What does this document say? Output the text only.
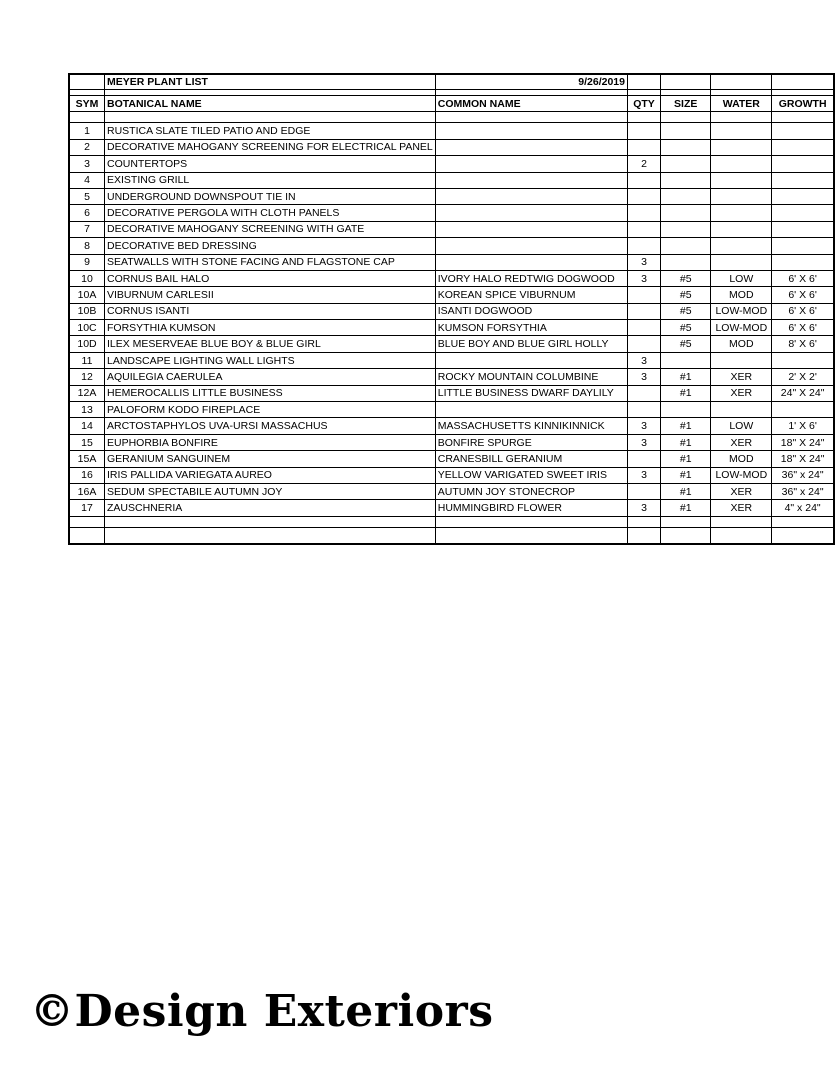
	MEYER PLANT LIST	9/26/2019				

SYM	BOTANICAL NAME	COMMON NAME	QTY	SIZE	WATER	GROWTH

1	RUSTICA SLATE TILED PATIO AND EDGE					
2	DECORATIVE MAHOGANY SCREENING FOR ELECTRICAL PANEL					
3	COUNTERTOPS		2			
4	EXISTING GRILL					
5	UNDERGROUND DOWNSPOUT TIE IN					
6	DECORATIVE PERGOLA WITH CLOTH PANELS					
7	DECORATIVE MAHOGANY SCREENING WITH GATE					
8	DECORATIVE BED DRESSING					
9	SEATWALLS WITH STONE FACING AND FLAGSTONE CAP		3			
10	CORNUS BAIL HALO	IVORY HALO REDTWIG DOGWOOD	3	#5	LOW	6' X 6'
10A	VIBURNUM CARLESII	KOREAN SPICE VIBURNUM		#5	MOD	6' X 6'
10B	CORNUS ISANTI	ISANTI DOGWOOD		#5	LOW-MOD	6' X 6'
10C	FORSYTHIA KUMSON	KUMSON FORSYTHIA		#5	LOW-MOD	6' X 6'
10D	ILEX MESERVEAE BLUE BOY & BLUE GIRL	BLUE BOY AND BLUE GIRL HOLLY		#5	MOD	8' X 6'
11	LANDSCAPE LIGHTING WALL LIGHTS		3			
12	AQUILEGIA CAERULEA	ROCKY MOUNTAIN COLUMBINE	3	#1	XER	2' X 2'
12A	HEMEROCALLIS LITTLE BUSINESS	LITTLE BUSINESS DWARF DAYLILY		#1	XER	24" X 24"
13	PALOFORM KODO FIREPLACE					
14	ARCTOSTAPHYLOS UVA-URSI MASSACHUS	MASSACHUSETTS KINNIKINNICK	3	#1	LOW	1' X 6'
15	EUPHORBIA BONFIRE	BONFIRE SPURGE	3	#1	XER	18" X 24"
15A	GERANIUM SANGUINEM	CRANESBILL GERANIUM		#1	MOD	18" X 24"
16	IRIS PALLIDA VARIEGATA AUREO	YELLOW VARIGATED SWEET IRIS	3	#1	LOW-MOD	36" x 24"
16A	SEDUM SPECTABILE AUTUMN JOY	AUTUMN JOY STONECROP		#1	XER	36" x 24"
17	ZAUSCHNERIA	HUMMINGBIRD FLOWER	3	#1	XER	4" x 24"

©Design Exteriors
